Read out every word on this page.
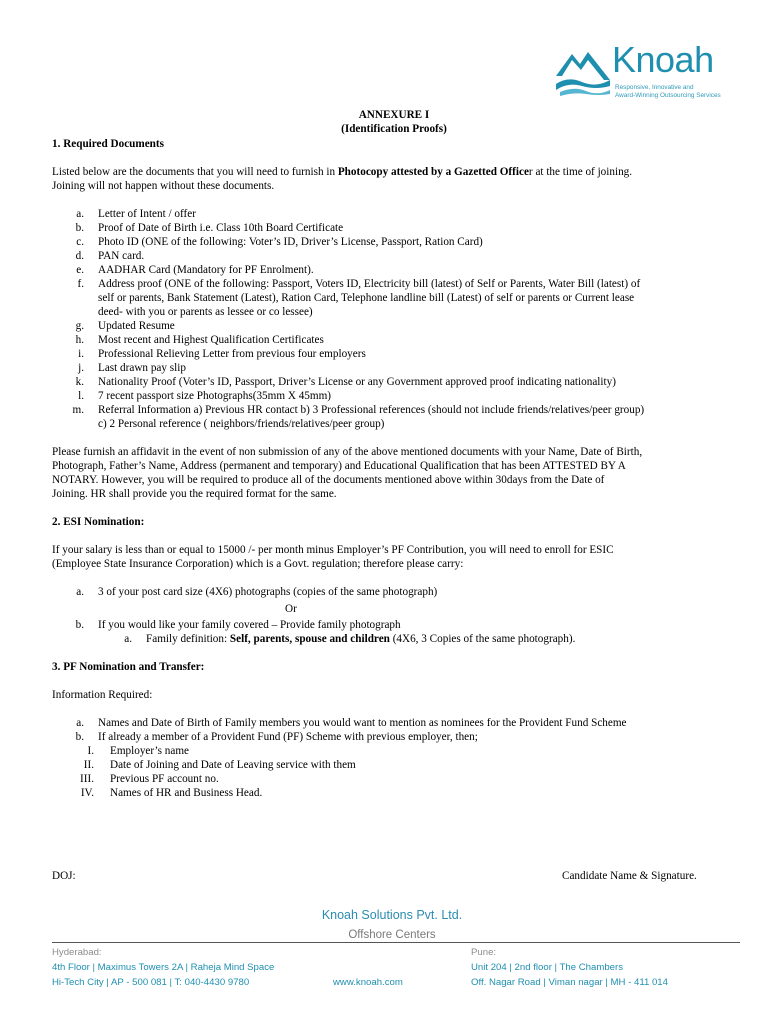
Knoah
Responsive, Innovative and
Award-Winning Outsourcing Services
ANNEXURE I
(Identification Proofs)
1. Required Documents
Listed below are the documents that you will need to furnish in Photocopy attested by a Gazetted Officer at the time of joining.
Joining will not happen without these documents.
a. Letter of Intent / offer
b. Proof of Date of Birth i.e. Class 10th Board Certificate
c. Photo ID (ONE of the following: Voter’s ID, Driver’s License, Passport, Ration Card)
d. PAN card.
e. AADHAR Card (Mandatory for PF Enrolment).
f. Address proof (ONE of the following: Passport, Voters ID, Electricity bill (latest) of Self or Parents, Water Bill (latest) of
self or parents, Bank Statement (Latest), Ration Card, Telephone landline bill (Latest) of self or parents or Current lease
deed- with you or parents as lessee or co lessee)
g. Updated Resume
h. Most recent and Highest Qualification Certificates
i. Professional Relieving Letter from previous four employers
j. Last drawn pay slip
k. Nationality Proof (Voter’s ID, Passport, Driver’s License or any Government approved proof indicating nationality)
l. 7 recent passport size Photographs(35mm X 45mm)
m. Referral Information a) Previous HR contact b) 3 Professional references (should not include friends/relatives/peer group)
c) 2 Personal reference ( neighbors/friends/relatives/peer group)
Please furnish an affidavit in the event of non submission of any of the above mentioned documents with your Name, Date of Birth,
Photograph, Father’s Name, Address (permanent and temporary) and Educational Qualification that has been ATTESTED BY A
NOTARY. However, you will be required to produce all of the documents mentioned above within 30days from the Date of
Joining. HR shall provide you the required format for the same.
2. ESI Nomination:
If your salary is less than or equal to 15000 /- per month minus Employer’s PF Contribution, you will need to enroll for ESIC
(Employee State Insurance Corporation) which is a Govt. regulation; therefore please carry:
a. 3 of your post card size (4X6) photographs (copies of the same photograph)
Or
b. If you would like your family covered – Provide family photograph
a. Family definition: Self, parents, spouse and children (4X6, 3 Copies of the same photograph).
3. PF Nomination and Transfer:
Information Required:
a. Names and Date of Birth of Family members you would want to mention as nominees for the Provident Fund Scheme
b. If already a member of a Provident Fund (PF) Scheme with previous employer, then;
I. Employer’s name
II. Date of Joining and Date of Leaving service with them
III. Previous PF account no.
IV. Names of HR and Business Head.
DOJ:	Candidate Name & Signature.
Knoah Solutions Pvt. Ltd.
Offshore Centers
Hyderabad:
4th Floor | Maximus Towers 2A | Raheja Mind Space
Hi-Tech City | AP - 500 081 | T: 040-4430 9780	www.knoah.com
Pune:
Unit 204 | 2nd floor | The Chambers
Off. Nagar Road | Viman nagar | MH - 411 014
